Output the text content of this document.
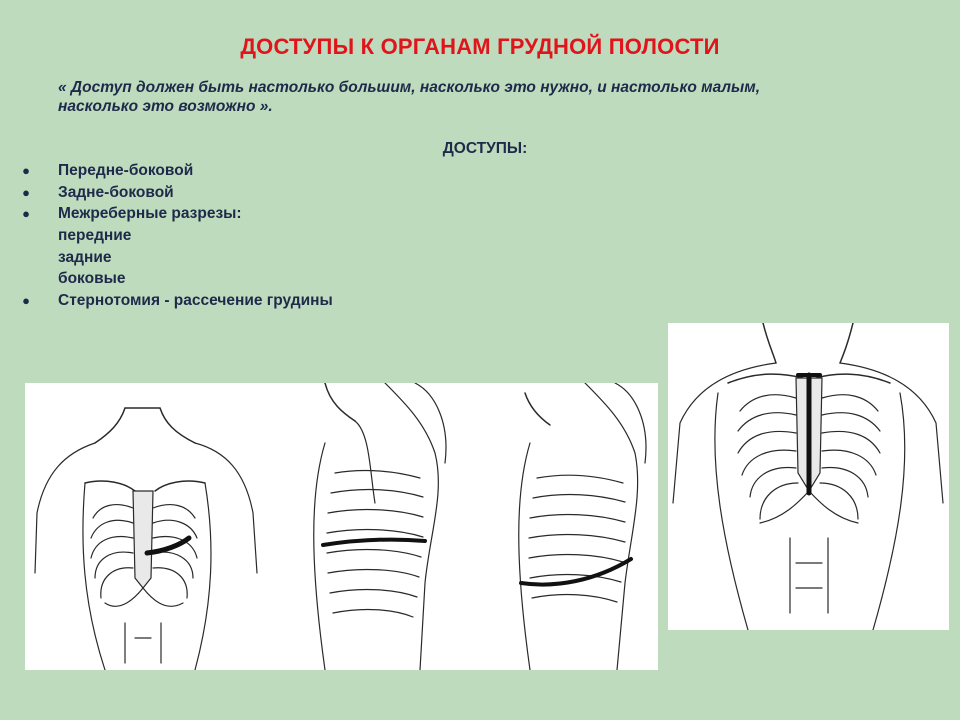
ДОСТУПЫ К ОРГАНАМ ГРУДНОЙ ПОЛОСТИ
« Доступ должен быть настолько большим, насколько это нужно, и настолько малым,
насколько это возможно ».
ДОСТУПЫ:
● Передне-боковой
● Задне-боковой
● Межреберные разрезы:
передние
задние
боковые
● Стернотомия - рассечение грудины
